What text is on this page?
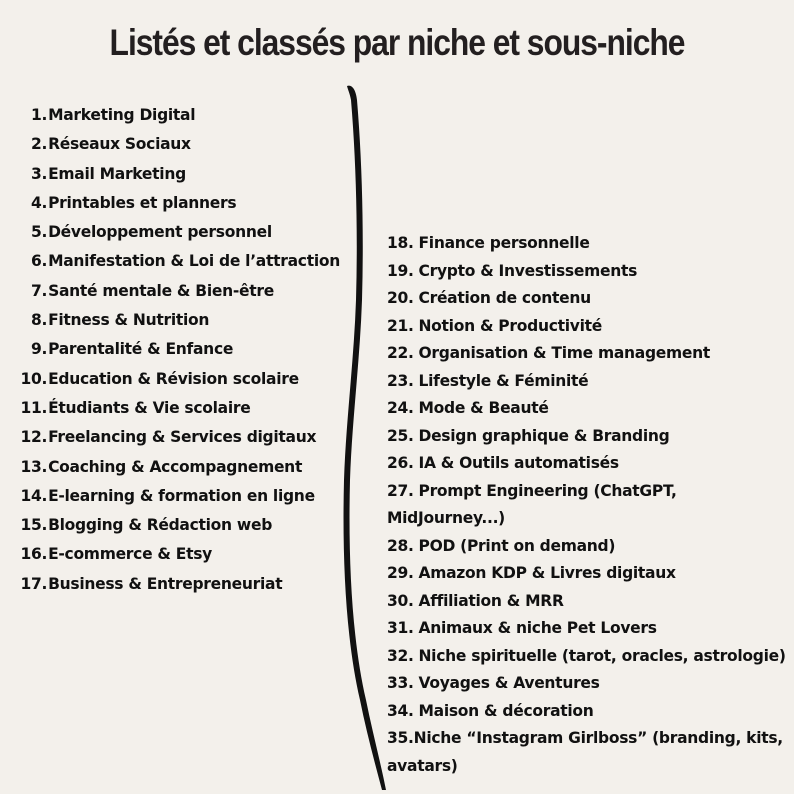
Listés et classés par niche et sous-niche
1. Marketing Digital
2. Réseaux Sociaux
3. Email Marketing
4. Printables et planners
5. Développement personnel
6. Manifestation & Loi de l’attraction
7. Santé mentale & Bien-être
8. Fitness & Nutrition
9. Parentalité & Enfance
10. Education & Révision scolaire
11. Étudiants & Vie scolaire
12. Freelancing & Services digitaux
13. Coaching & Accompagnement
14. E-learning & formation en ligne
15. Blogging & Rédaction web
16. E-commerce & Etsy
17. Business & Entrepreneuriat
18. Finance personnelle
19. Crypto & Investissements
20. Création de contenu
21. Notion & Productivité
22. Organisation & Time management
23. Lifestyle & Féminité
24. Mode & Beauté
25. Design graphique & Branding
26. IA & Outils automatisés
27. Prompt Engineering (ChatGPT, MidJourney...)
28. POD (Print on demand)
29. Amazon KDP & Livres digitaux
30. Affiliation & MRR
31. Animaux & niche Pet Lovers
32. Niche spirituelle (tarot, oracles, astrologie)
33. Voyages & Aventures
34. Maison & décoration
35.Niche “Instagram Girlboss” (branding, kits, avatars)
